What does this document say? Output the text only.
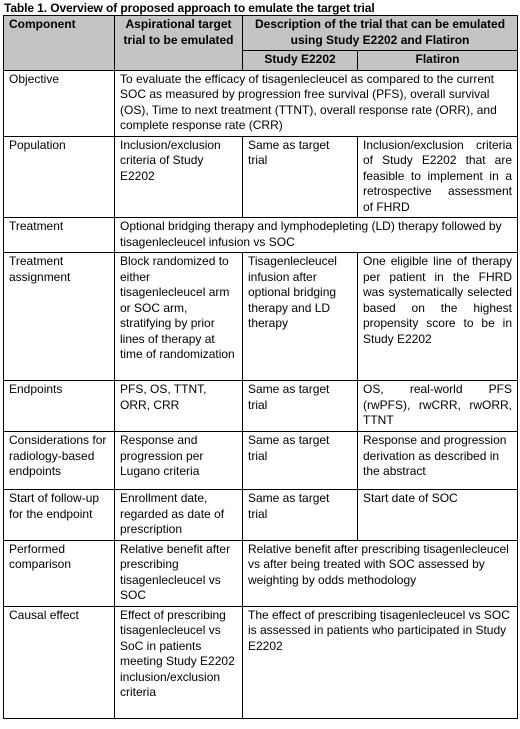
Table 1. Overview of proposed approach to emulate the target trial
Component	Aspirational target trial to be emulated	Description of the trial that can be emulated using Study E2202 and Flatiron	
		Study E2202	Flatiron
Objective	To evaluate the efficacy of tisagenlecleucel as compared to the current SOC as measured by progression free survival (PFS), overall survival (OS), Time to next treatment (TTNT), overall response rate (ORR), and complete response rate (CRR)		
Population	Inclusion/exclusion criteria of Study E2202	Same as target trial	Inclusion/exclusion criteria of Study E2202 that are feasible to implement in a retrospective assessment of FHRD
Treatment	Optional bridging therapy and lymphodepleting (LD) therapy followed by tisagenlecleucel infusion vs SOC		
Treatment assignment	Block randomized to either tisagenlecleucel arm or SOC arm, stratifying by prior lines of therapy at time of randomization	Tisagenlecleucel infusion after optional bridging therapy and LD therapy	One eligible line of therapy per patient in the FHRD was systematically selected based on the highest propensity score to be in Study E2202
Endpoints	PFS, OS, TTNT, ORR, CRR	Same as target trial	OS, real-world PFS (rwPFS), rwCRR, rwORR, TTNT
Considerations for radiology-based endpoints	Response and progression per Lugano criteria	Same as target trial	Response and progression derivation as described in the abstract
Start of follow-up for the endpoint	Enrollment date, regarded as date of prescription	Same as target trial	Start date of SOC
Performed comparison	Relative benefit after prescribing tisagenlecleucel vs SOC	Relative benefit after prescribing tisagenlecleucel vs after being treated with SOC assessed by weighting by odds methodology	
Causal effect	Effect of prescribing tisagenlecleucel vs SoC in patients meeting Study E2202 inclusion/exclusion criteria	The effect of prescribing tisagenlecleucel vs SOC is assessed in patients who participated in Study E2202	
